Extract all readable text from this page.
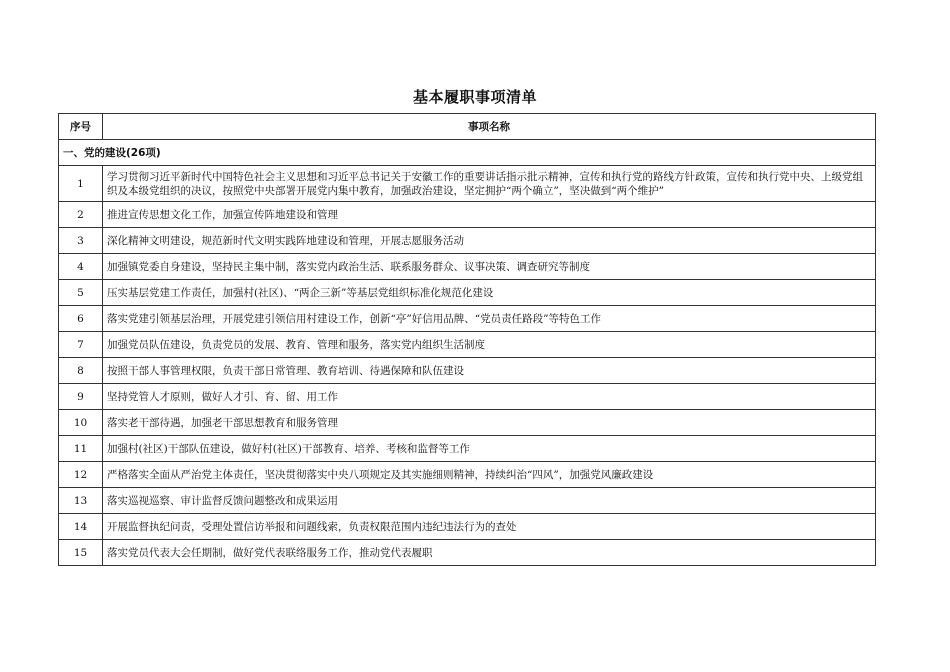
基本履职事项清单
序号	事项名称
一、党的建设(26项)	
1	学习贯彻习近平新时代中国特色社会主义思想和习近平总书记关于安徽工作的重要讲话指示批示精神，宣传和执行党的路线方针政策，宣传和执行党中央、上级党组织及本级党组织的决议，按照党中央部署开展党内集中教育，加强政治建设，坚定拥护“两个确立”，坚决做到“两个维护”
2	推进宣传思想文化工作，加强宣传阵地建设和管理
3	深化精神文明建设，规范新时代文明实践阵地建设和管理，开展志愿服务活动
4	加强镇党委自身建设，坚持民主集中制，落实党内政治生活、联系服务群众、议事决策、调查研究等制度
5	压实基层党建工作责任，加强村(社区)、“两企三新”等基层党组织标准化规范化建设
6	落实党建引领基层治理，开展党建引领信用村建设工作，创新“亭”好信用品牌、“党员责任路段”等特色工作
7	加强党员队伍建设，负责党员的发展、教育、管理和服务，落实党内组织生活制度
8	按照干部人事管理权限，负责干部日常管理、教育培训、待遇保障和队伍建设
9	坚持党管人才原则，做好人才引、育、留、用工作
10	落实老干部待遇，加强老干部思想教育和服务管理
11	加强村(社区)干部队伍建设，做好村(社区)干部教育、培养、考核和监督等工作
12	严格落实全面从严治党主体责任，坚决贯彻落实中央八项规定及其实施细则精神，持续纠治“四风”，加强党风廉政建设
13	落实巡视巡察、审计监督反馈问题整改和成果运用
14	开展监督执纪问责，受理处置信访举报和问题线索，负责权限范围内违纪违法行为的查处
15	落实党员代表大会任期制，做好党代表联络服务工作，推动党代表履职
